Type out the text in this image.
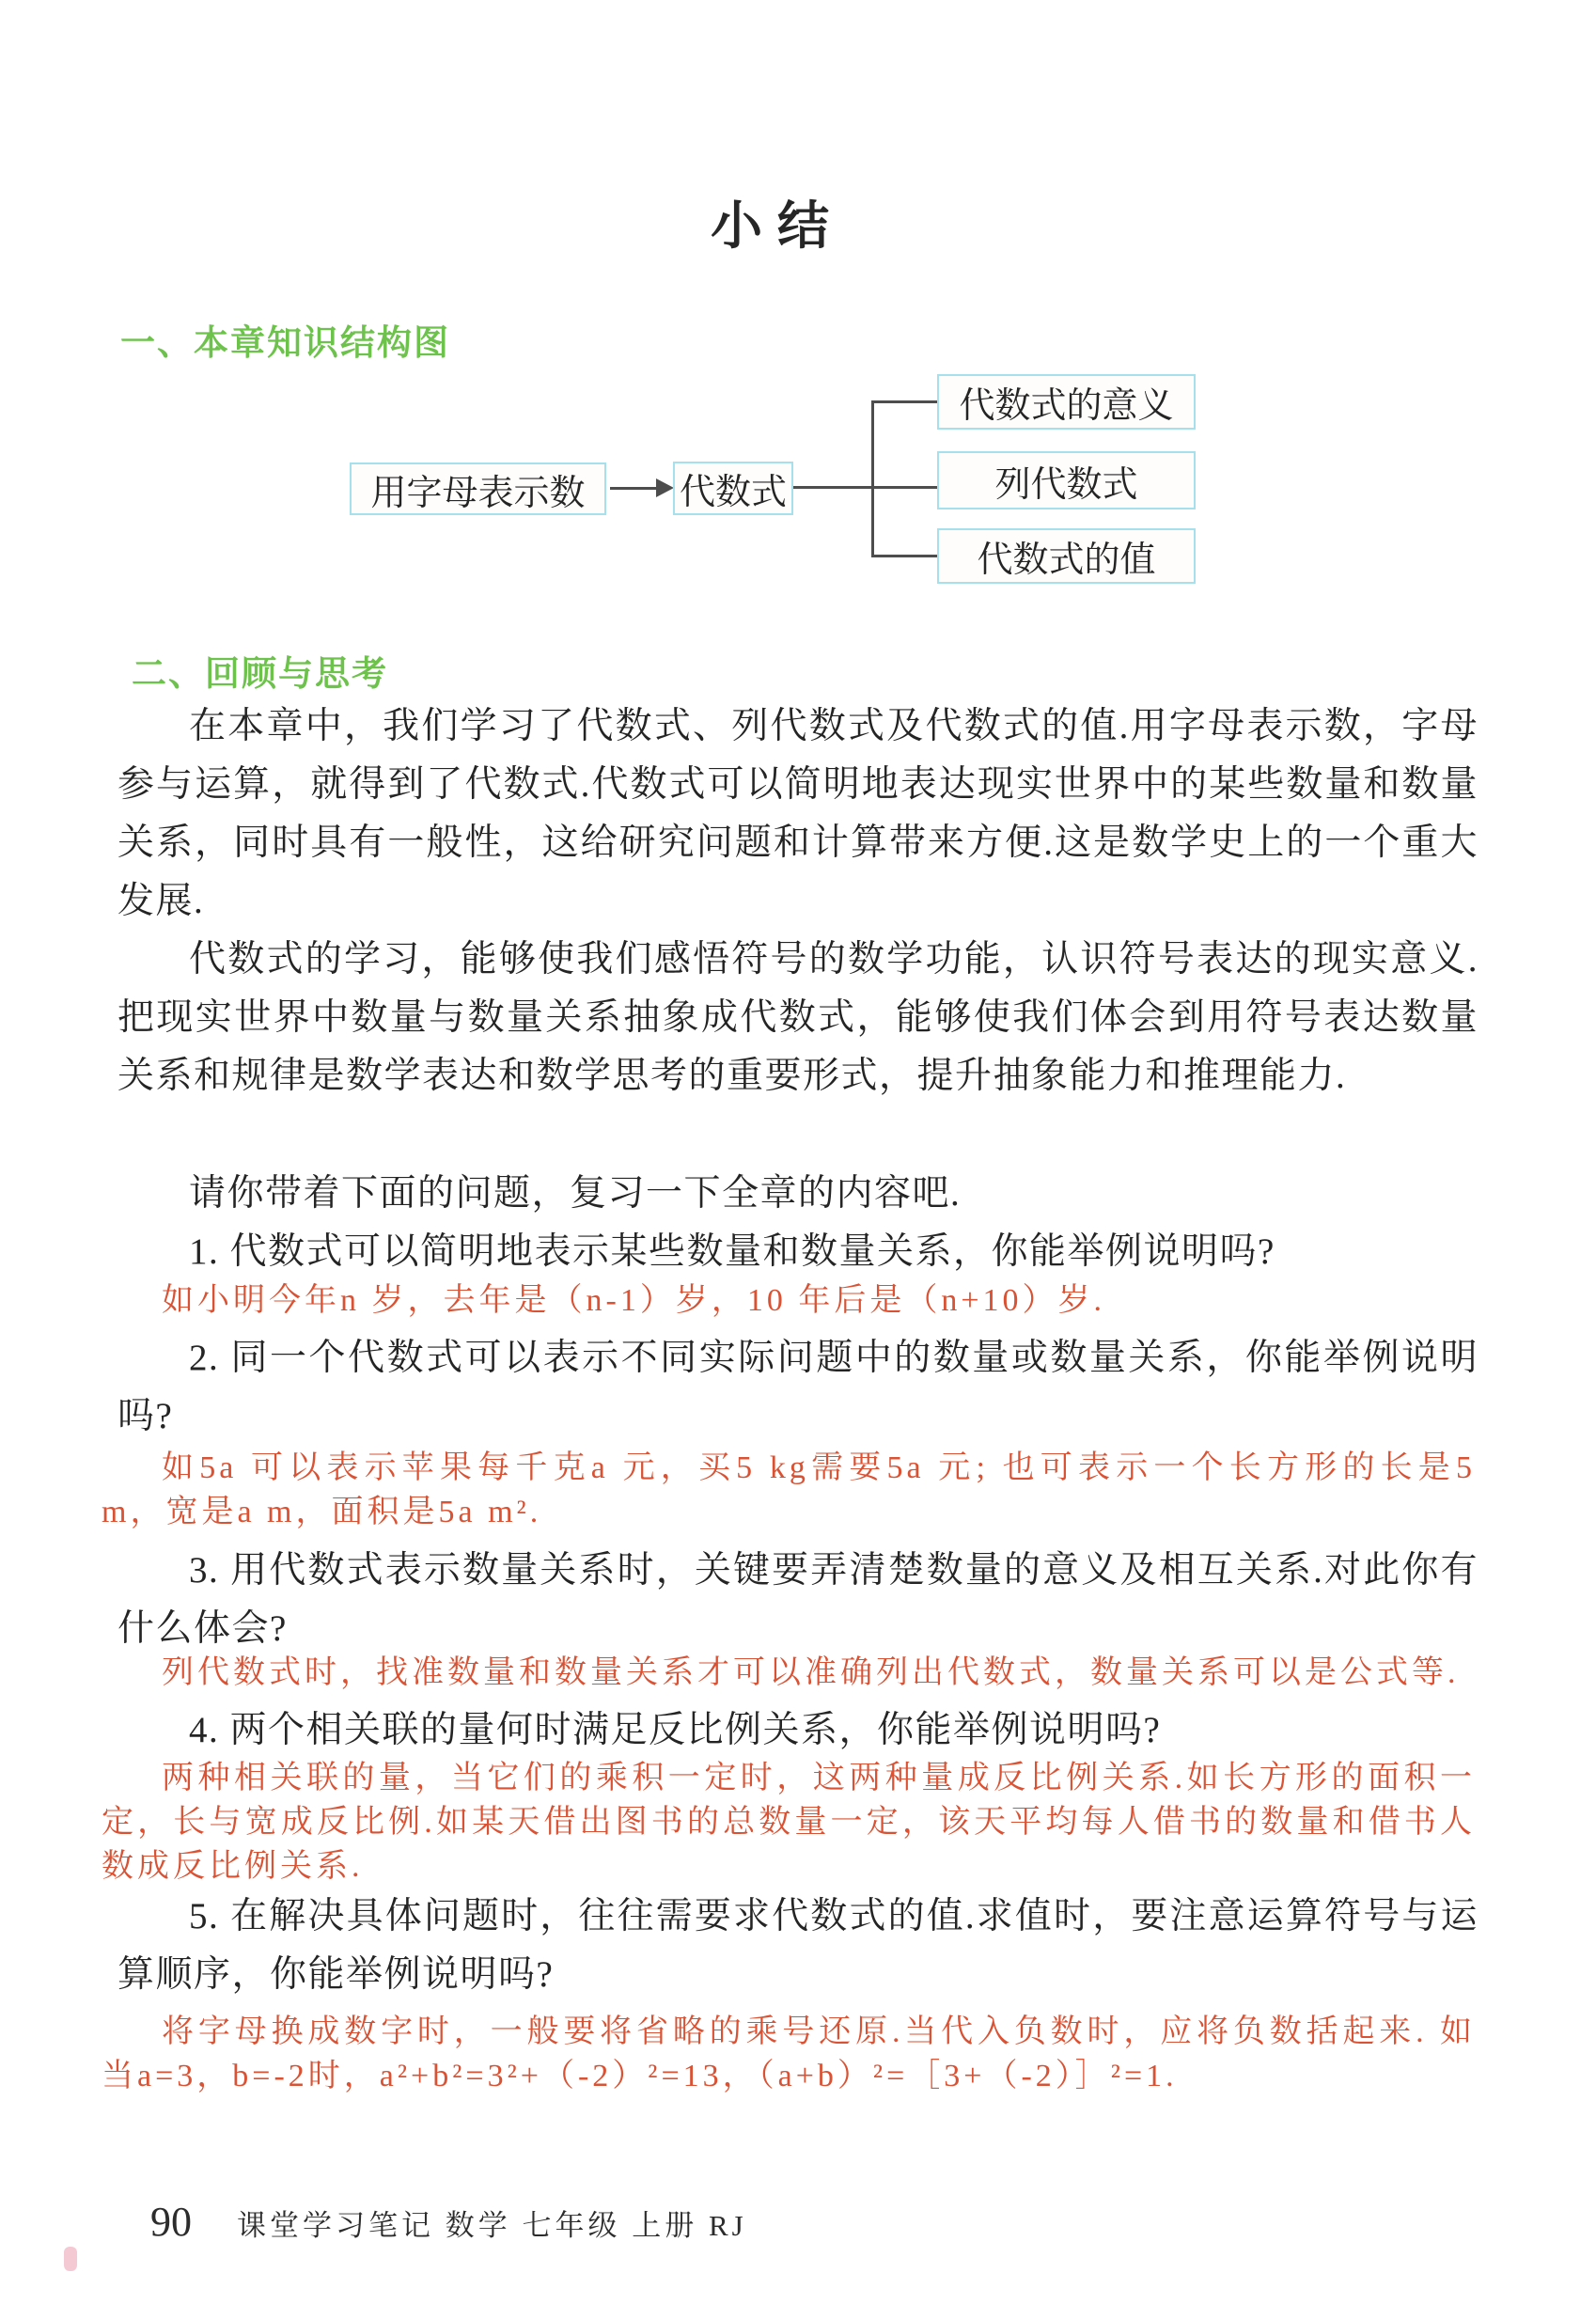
小结
一、本章知识结构图
用字母表示数	代数式
代数式的意义
列代数式
代数式的值
二、回顾与思考

在本章中，我们学习了代数式、列代数式及代数式的值.用字母表示数，字母参与运算，就得到了代数式.代数式可以简明地表达现实世界中的某些数量和数量关系，同时具有一般性，这给研究问题和计算带来方便.这是数学史上的一个重大发展.

代数式的学习，能够使我们感悟符号的数学功能，认识符号表达的现实意义.把现实世界中数量与数量关系抽象成代数式，能够使我们体会到用符号表达数量关系和规律是数学表达和数学思考的重要形式，提升抽象能力和推理能力.

请你带着下面的问题，复习一下全章的内容吧.

1. 代数式可以简明地表示某些数量和数量关系，你能举例说明吗?

如小明今年n 岁，去年是（n-1）岁，10 年后是（n+10）岁.

2. 同一个代数式可以表示不同实际问题中的数量或数量关系，你能举例说明吗?

如5a 可以表示苹果每千克a 元，买5 kg需要5a 元; 也可表示一个长方形的长是5 m，宽是a m，面积是5a m².

3. 用代数式表示数量关系时，关键要弄清楚数量的意义及相互关系.对此你有什么体会?

列代数式时，找准数量和数量关系才可以准确列出代数式，数量关系可以是公式等.

4. 两个相关联的量何时满足反比例关系，你能举例说明吗?

两种相关联的量，当它们的乘积一定时，这两种量成反比例关系.如长方形的面积一定，长与宽成反比例.如某天借出图书的总数量一定，该天平均每人借书的数量和借书人数成反比例关系.

5. 在解决具体问题时，往往需要求代数式的值.求值时，要注意运算符号与运算顺序，你能举例说明吗?

将字母换成数字时，一般要将省略的乘号还原.当代入负数时，应将负数括起来. 如当a=3，b=-2时，a²+b²=3²+（-2）²=13，（a+b）²=［3+（-2）］²=1.

90 课堂学习笔记 数学 七年级 上册 RJ
